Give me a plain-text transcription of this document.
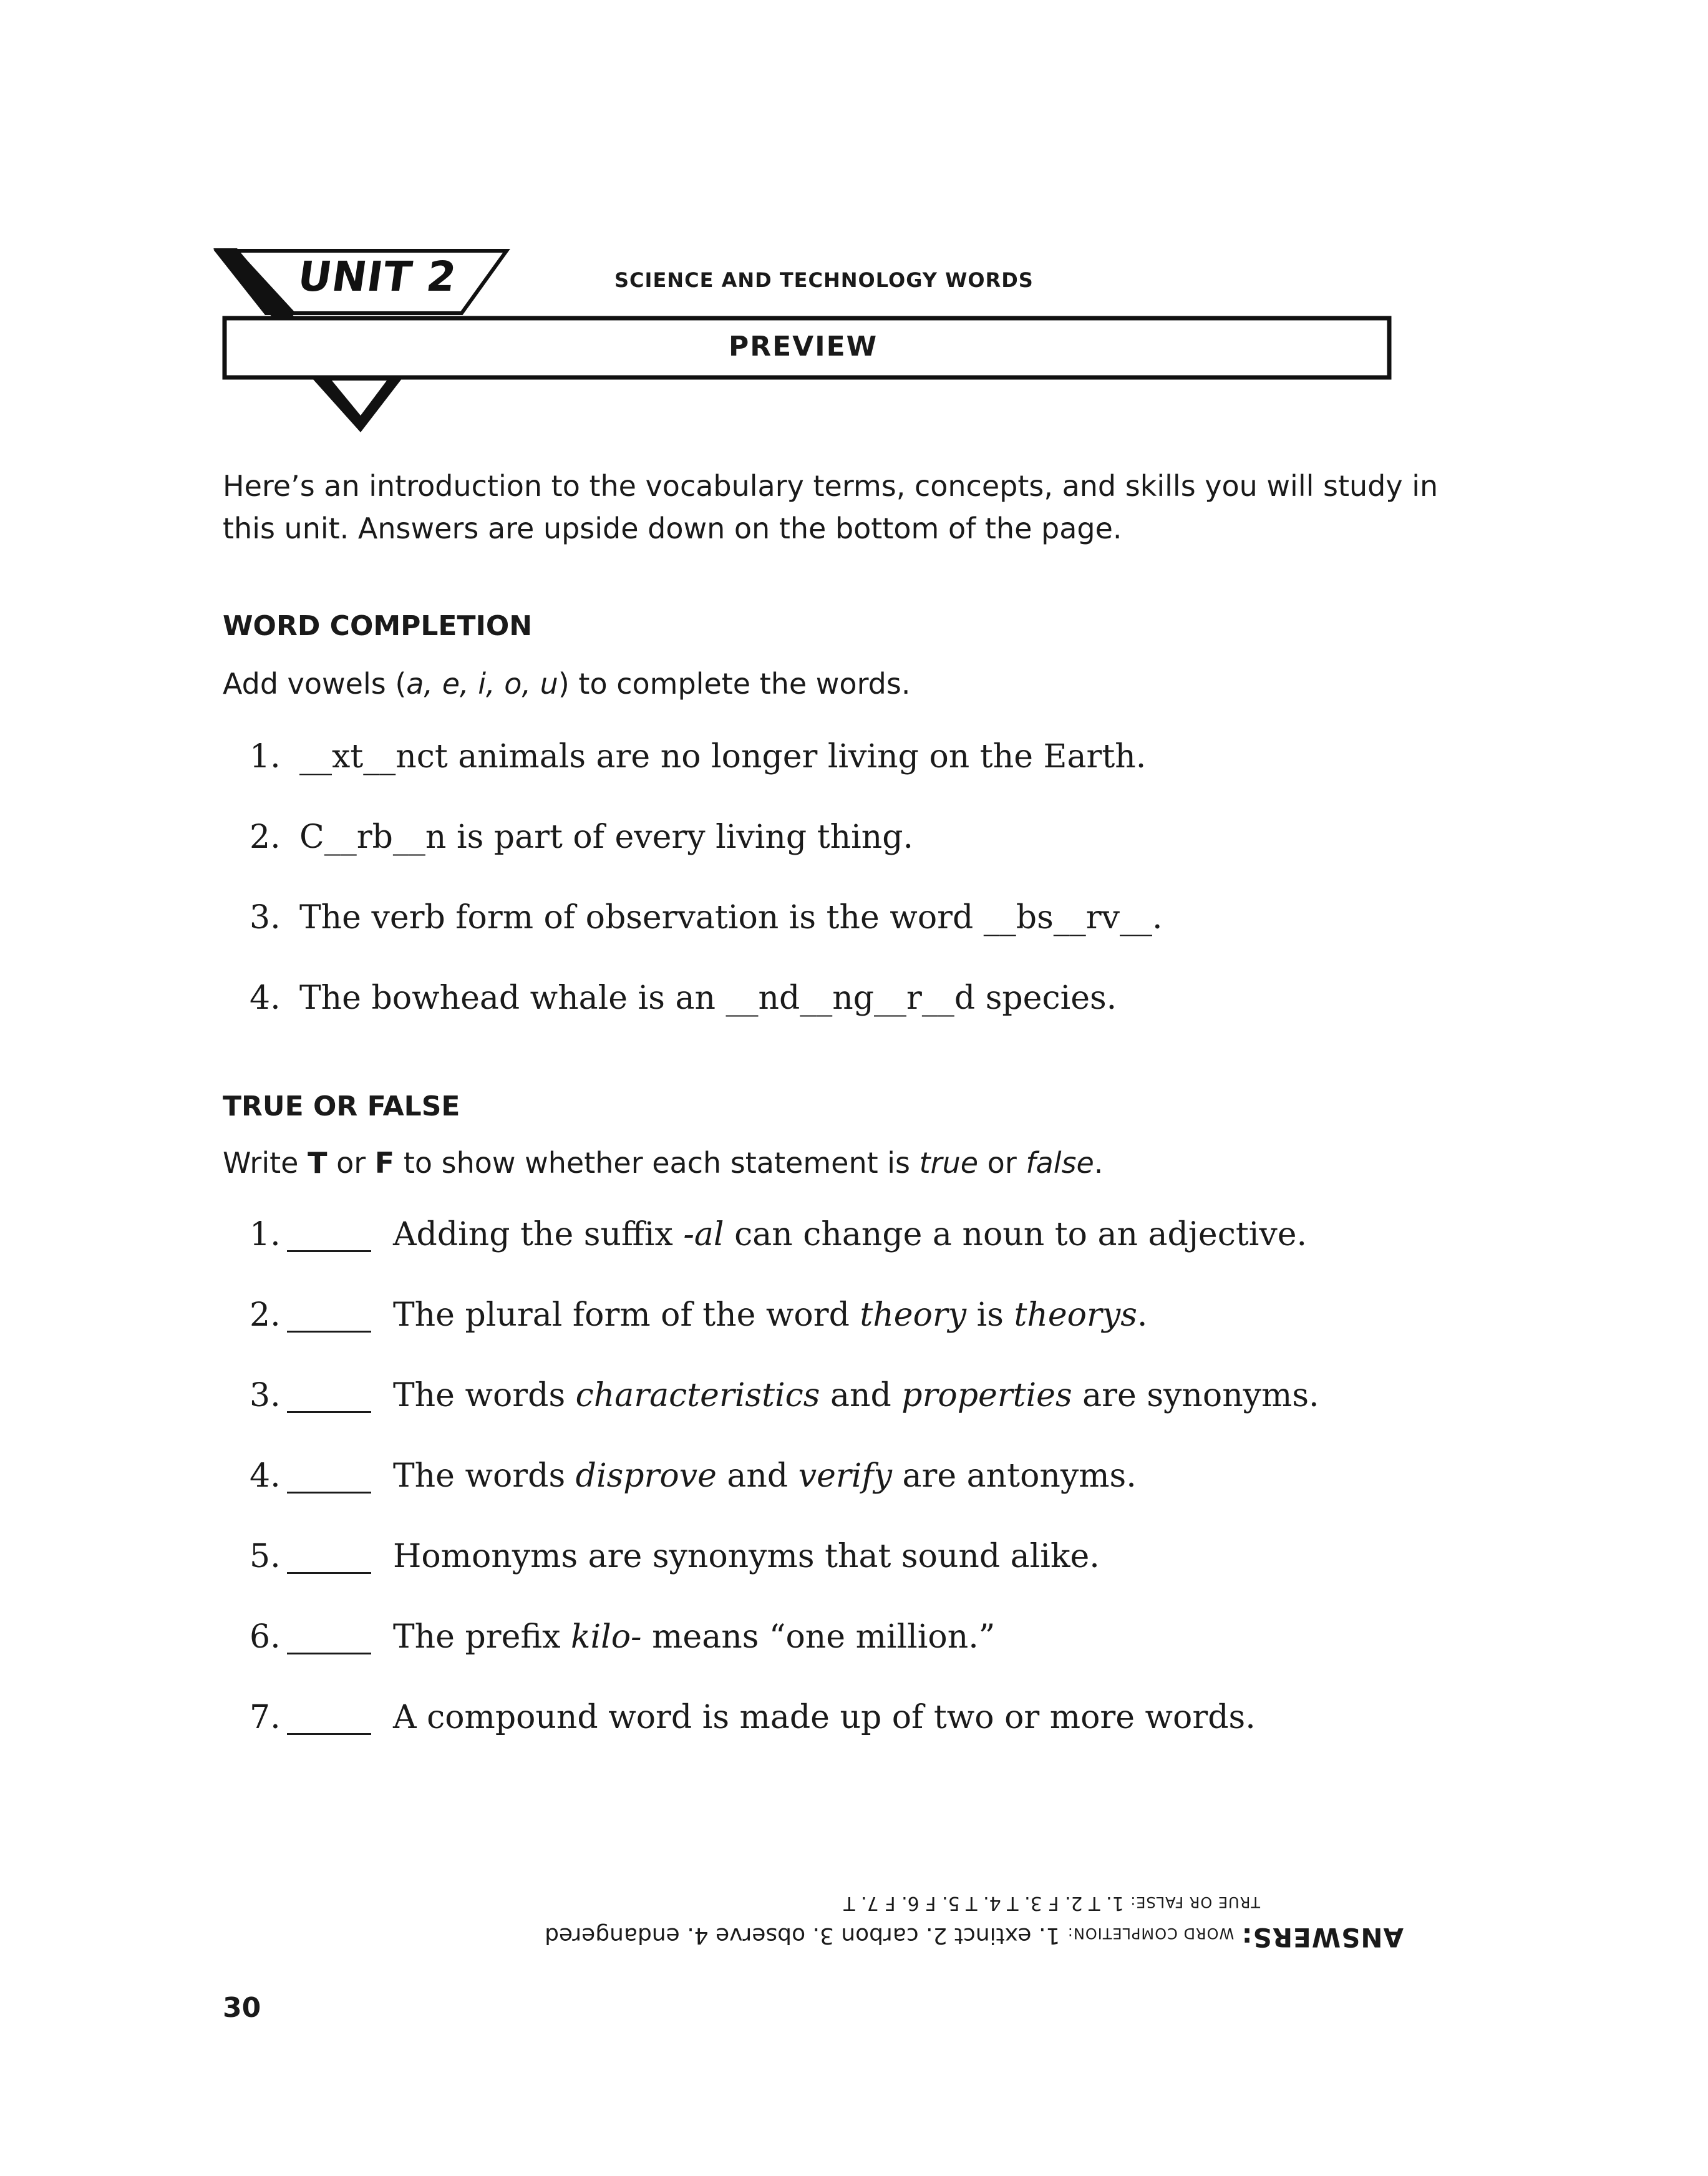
UNIT 2	SCIENCE AND TECHNOLOGY WORDS
PREVIEW
Here’s an introduction to the vocabulary terms, concepts, and skills you will study in
this unit. Answers are upside down on the bottom of the page.
WORD COMPLETION
Add vowels (a, e, i, o, u) to complete the words.
1. __xt__nct animals are no longer living on the Earth.
2. C__rb__n is part of every living thing.
3. The verb form of observation is the word __bs__rv__.
4. The bowhead whale is an __nd__ng__r__d species.
TRUE OR FALSE
Write T or F to show whether each statement is true or false.
1.	Adding the suffix -al can change a noun to an adjective.
2.	The plural form of the word theory is theorys.
3.	The words characteristics and properties are synonyms.
4.	The words disprove and verify are antonyms.
5.	Homonyms are synonyms that sound alike.
6.	The prefix kilo- means “one million.”
7.	A compound word is made up of two or more words.
ANSWERS: WORD COMPLETION: 1. extinct 2. carbon 3. observe 4. endangered
TRUE OR FALSE: 1. T 2. F 3. T 4. T 5. F 6. F 7. T
30
